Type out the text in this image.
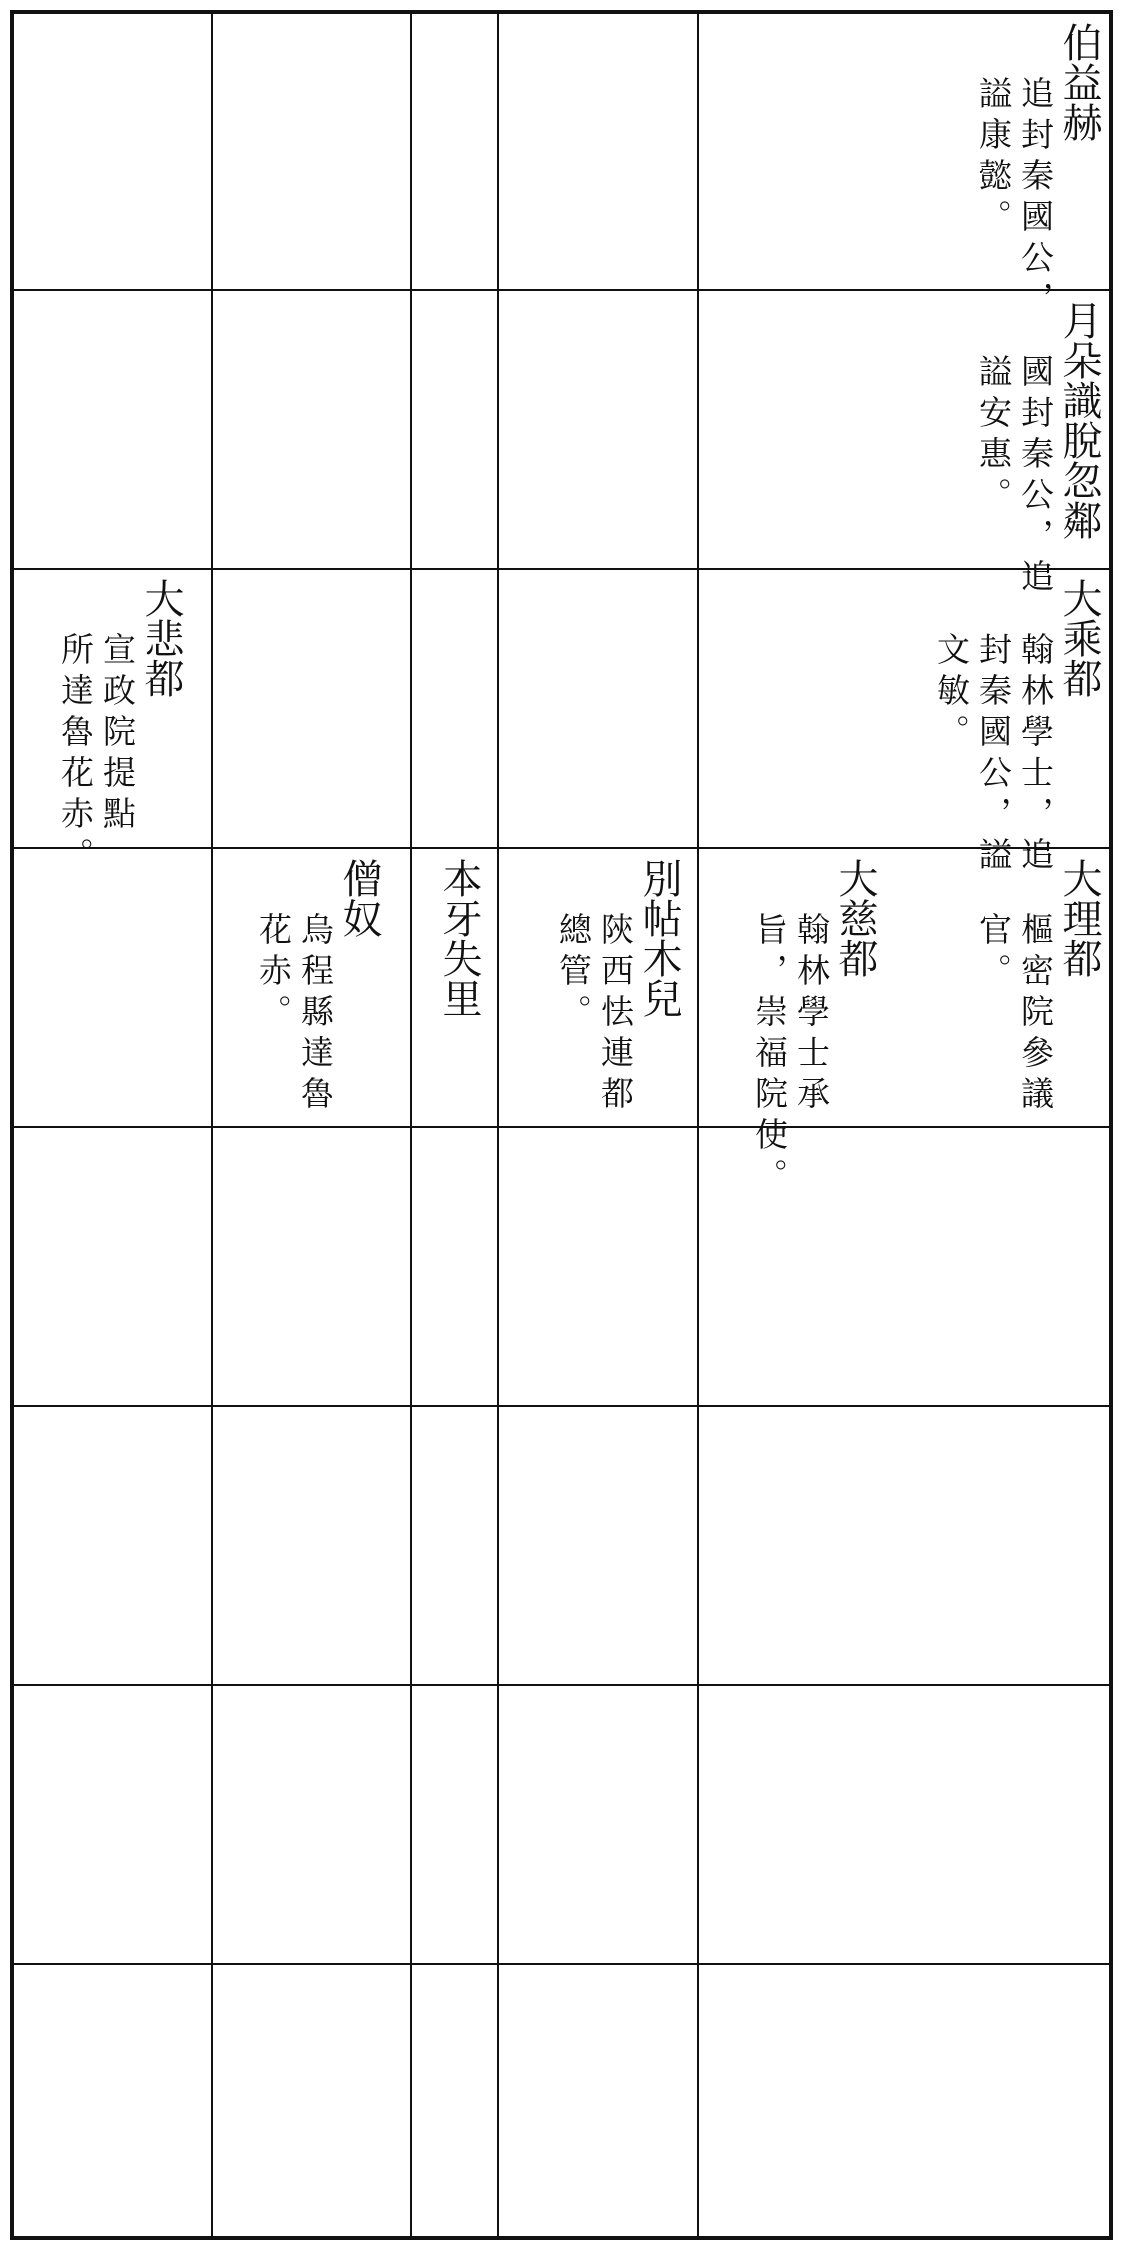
伯益赫
追封秦國公，
謚康懿。
月朵識脫忽鄰
國封秦公，追
謚安惠。
大乘都
翰林學士，追
封秦國公，謚
文敏。
大悲都
宣政院提點
所達魯花赤。
大理都
樞密院參議
官。
大慈都
翰林學士承
旨，崇福院使。
別帖木兒
陝西怯連都
總管。
本牙失里
僧奴
烏程縣達魯
花赤。
